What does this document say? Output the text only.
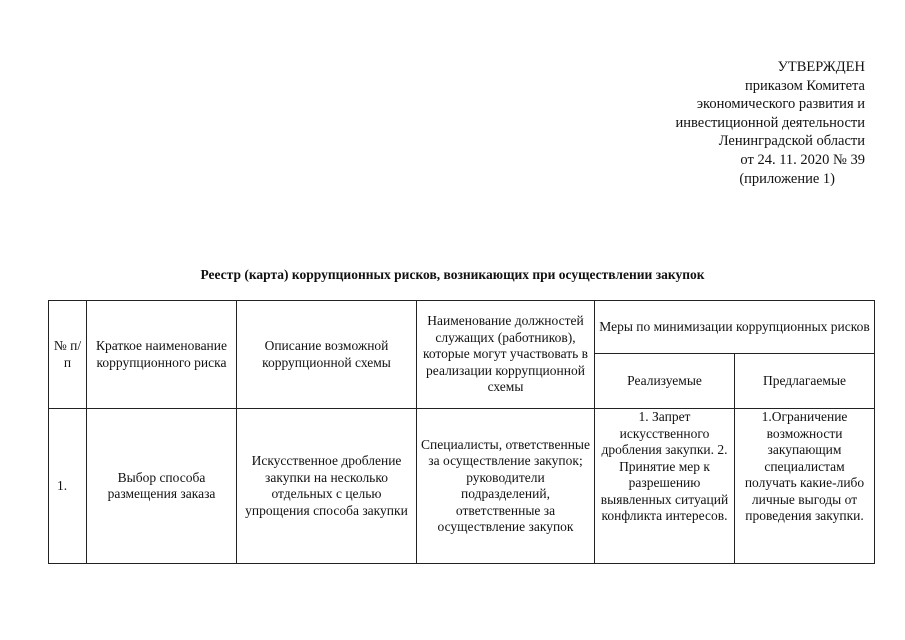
УТВЕРЖДЕН
приказом Комитета
экономического развития и
инвестиционной деятельности
Ленинградской области
от 24. 11. 2020 № 39
(приложение 1)
Реестр (карта) коррупционных рисков, возникающих при осуществлении закупок
№ п/п	Краткое наименование коррупционного риска	Описание возможной коррупционной схемы	Наименование должностей служащих (работников), которые могут участвовать в реализации коррупционной схемы	Меры по минимизации коррупционных рисков	
				Реализуемые	Предлагаемые
1.	Выбор способа размещения заказа	Искусственное дробление закупки на несколько отдельных с целью упрощения способа закупки	Специалисты, ответственные за осуществление закупок; руководители подразделений, ответственные за осуществление закупок	1. Запрет искусственного дробления закупки. 2. Принятие мер к разрешению выявленных ситуаций конфликта интересов.	1.Ограничение возможности закупающим специалистам получать какие-либо личные выгоды от проведения закупки.
